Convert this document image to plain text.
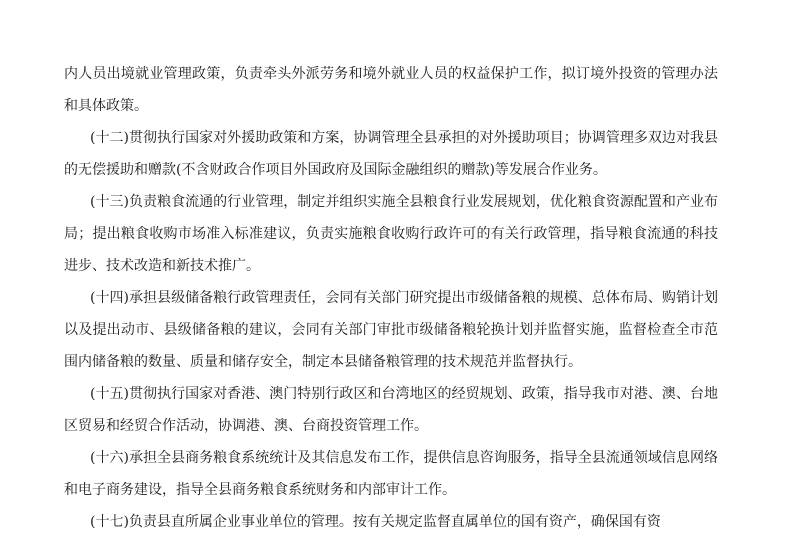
内人员出境就业管理政策，负责牵头外派劳务和境外就业人员的权益保护工作，拟订境外投资的管理办法和具体政策。

(十二)贯彻执行国家对外援助政策和方案，协调管理全县承担的对外援助项目；协调管理多双边对我县的无偿援助和赠款(不含财政合作项目外国政府及国际金融组织的赠款)等发展合作业务。

(十三)负责粮食流通的行业管理，制定并组织实施全县粮食行业发展规划，优化粮食资源配置和产业布局；提出粮食收购市场准入标准建议，负责实施粮食收购行政许可的有关行政管理，指导粮食流通的科技进步、技术改造和新技术推广。

(十四)承担县级储备粮行政管理责任，会同有关部门研究提出市级储备粮的规模、总体布局、购销计划以及提出动市、县级储备粮的建议，会同有关部门审批市级储备粮轮换计划并监督实施，监督检查全市范围内储备粮的数量、质量和储存安全，制定本县储备粮管理的技术规范并监督执行。

(十五)贯彻执行国家对香港、澳门特别行政区和台湾地区的经贸规划、政策，指导我市对港、澳、台地区贸易和经贸合作活动，协调港、澳、台商投资管理工作。

(十六)承担全县商务粮食系统统计及其信息发布工作，提供信息咨询服务，指导全县流通领域信息网络和电子商务建设，指导全县商务粮食系统财务和内部审计工作。

(十七)负责县直所属企业事业单位的管理。按有关规定监督直属单位的国有资产，确保国有资
